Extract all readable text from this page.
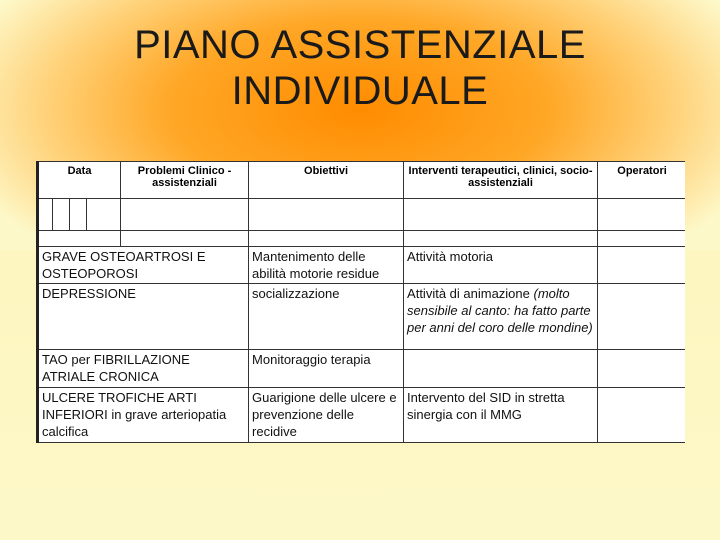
PIANO ASSISTENZIALE
INDIVIDUALE
Data				Problemi Clinico - assistenziali	Obiettivi	Interventi terapeutici, clinici, socio-assistenziali	Operatori

GRAVE OSTEOARTROSI E OSTEOPOROSI					Mantenimento delle abilità motorie residue	Attività motoria	
DEPRESSIONE					socializzazione	Attività di animazione (molto sensibile al canto: ha fatto parte per anni del coro delle mondine)	
TAO per FIBRILLAZIONE ATRIALE CRONICA					Monitoraggio terapia		
ULCERE TROFICHE ARTI INFERIORI in grave arteriopatia calcifica					Guarigione delle ulcere e prevenzione delle recidive	Intervento del SID in stretta sinergia con il MMG	
